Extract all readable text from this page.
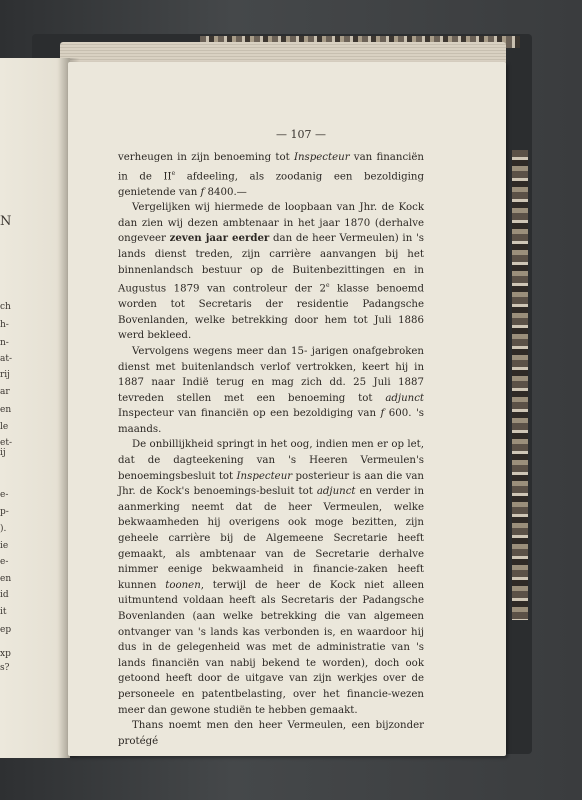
N
ch
h-
n-
at-
rij
ar
en
le
et-
ij
e-
p-
).
ie
e-
en
id
it
ep
xp
s?
— 107 —

verheugen in zijn benoeming tot Inspecteur van financiën in de IIe afdeeling, als zoodanig een bezoldiging genietende van f 8400.—

Vergelijken wij hiermede de loopbaan van Jhr. de Kock dan zien wij dezen ambtenaar in het jaar 1870 (derhalve ongeveer zeven jaar eerder dan de heer Vermeulen) in 's lands dienst treden, zijn carrière aanvangen bij het binnenlandsch bestuur op de Buitenbezittingen en in Augustus 1879 van controleur der 2e klasse benoemd worden tot Secretaris der residentie Padangsche Bovenlanden, welke betrekking door hem tot Juli 1886 werd bekleed.

Vervolgens wegens meer dan 15- jarigen onafgebroken dienst met buitenlandsch verlof vertrokken, keert hij in 1887 naar Indië terug en mag zich dd. 25 Juli 1887 tevreden stellen met een benoeming tot adjunct Inspecteur van financiën op een bezoldiging van f 600. 's maands.

De onbillijkheid springt in het oog, indien men er op let, dat de dagteekening van 's Heeren Vermeulen's benoemingsbesluit tot Inspecteur posterieur is aan die van Jhr. de Kock's benoemings-besluit tot adjunct en verder in aanmerking neemt dat de heer Vermeulen, welke bekwaamheden hij overigens ook moge bezitten, zijn geheele carrière bij de Algemeene Secretarie heeft gemaakt, als ambtenaar van de Secretarie derhalve nimmer eenige bekwaamheid in financie-zaken heeft kunnen toonen, terwijl de heer de Kock niet alleen uitmuntend voldaan heeft als Secretaris der Padangsche Bovenlanden (aan welke betrekking die van algemeen ontvanger van 's lands kas verbonden is, en waardoor hij dus in de gelegenheid was met de administratie van 's lands financiën van nabij bekend te worden), doch ook getoond heeft door de uitgave van zijn werkjes over de personeele en patentbelasting, over het financie-wezen meer dan gewone studiën te hebben gemaakt.

Thans noemt men den heer Vermeulen, een bijzonder protégé
